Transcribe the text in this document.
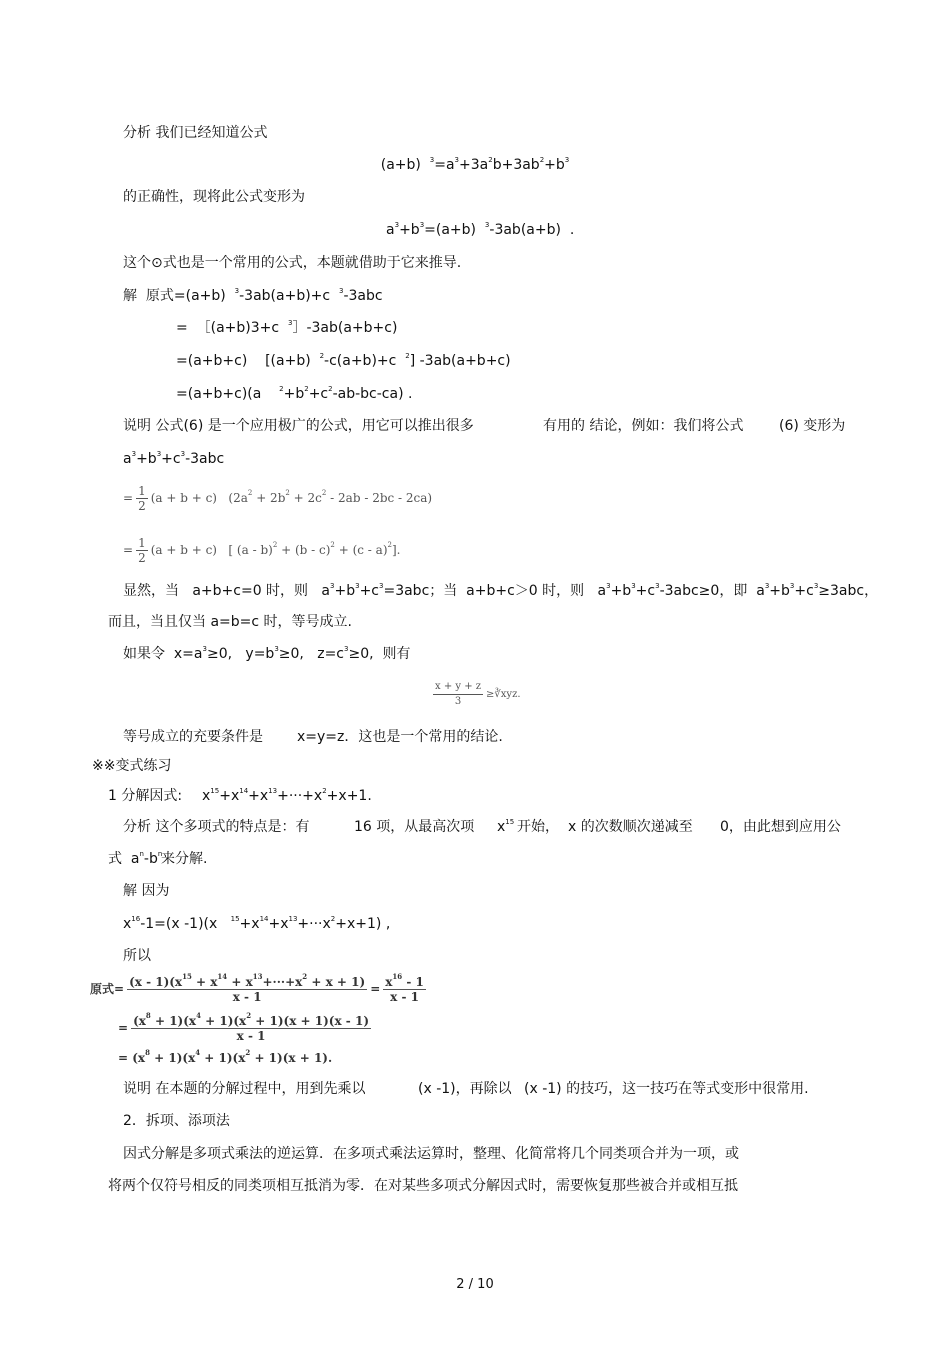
分析 我们已经知道公式
(a+b)  $^3=a^3+3a^2b+3ab^2+b^3$
的正确性，现将此公式变形为
$a^3+b^3=(a+b)$  $^3$-3ab(a+b)  .
这个⊙式也是一个常用的公式，本题就借助于它来推导.
解  原式=(a+b)  $^3$-3ab(a+b)+c  $^3$-3abc
=  ［(a+b)3+c  $^3$］-3ab(a+b+c)
=(a+b+c)    [(a+b)  $^2$-c(a+b)+c  $^2$] -3ab(a+b+c)
=(a+b+c)(a    $^2+b^2+c^2-ab-bc-ca$) .
说明 公式(6) 是一个应用极广的公式，用它可以推出很多	有用的 结论，例如：我们将公式	(6) 变形为
$a^3+b^3+c^3-3abc$
= $\frac{1}{2} (a + b + c) (2a^2 + 2b^2 + 2c^2 - 2ab - 2bc - 2ca)$
= $\frac{1}{2} (a + b + c)$   [ (a - b)$^2$ + (b - c)$^2$ + (c - a)$^2$].
显然，当   a+b+c=0 时，则   $a^3+b^3+c^3=3abc$；当  a+b+c＞0 时，则   $a^3+b^3+c^3-3abc\ge 0$，即  $a^3+b^3+c^3\ge 3abc$，
而且，当且仅当 a=b=c 时，等号成立.
如果令  $x=a^3\ge 0$,   $y=b^3\ge 0$,   $z=c^3\ge 0$,  则有
$\frac{x + y + z}{3}$ ≥∛xyz.
等号成立的充要条件是 x=y=z．这也是一个常用的结论.
※※变式练习
1 分解因式: $x^{15}+x^{14}+x^{13}+\cdot\cdot\cdot+x^2+x+1$.
分析 这个多项式的特点是：有	16 项，从最高次项 $x^{15}$ 开始， x 的次数顺次递减至 0，由此想到应用公
式  $a^n-b^n$
来分解.
解 因为
$x^{16}-1=(x$ -1)(x   $^{15}+x^{14}+x^{13}+\cdot\cdot\cdot x^2+x+1$) ,
所以
原式= $\frac{(x - 1)(x^{15} + x^{14} + x^{13}+\cdot\cdot\cdot+x^2 + x + 1)}{x - 1} = \frac{x^{16} - 1}{x - 1}$
= $\frac{(x^8 + 1)(x^4 + 1)(x^2 + 1)(x + 1)(x - 1)}{x - 1}$
= $(x^8 + 1)(x^4 + 1)(x^2 + 1)(x + 1)$.
说明 在本题的分解过程中，用到先乘以	(x -1)，再除以 (x -1) 的技巧，这一技巧在等式变形中很常用.
2．拆项、添项法
因式分解是多项式乘法的逆运算．在多项式乘法运算时，整理、化简常将几个同类项合并为一项，或
将两个仅符号相反的同类项相互抵消为零．在对某些多项式分解因式时，需要恢复那些被合并或相互抵
2 / 10
